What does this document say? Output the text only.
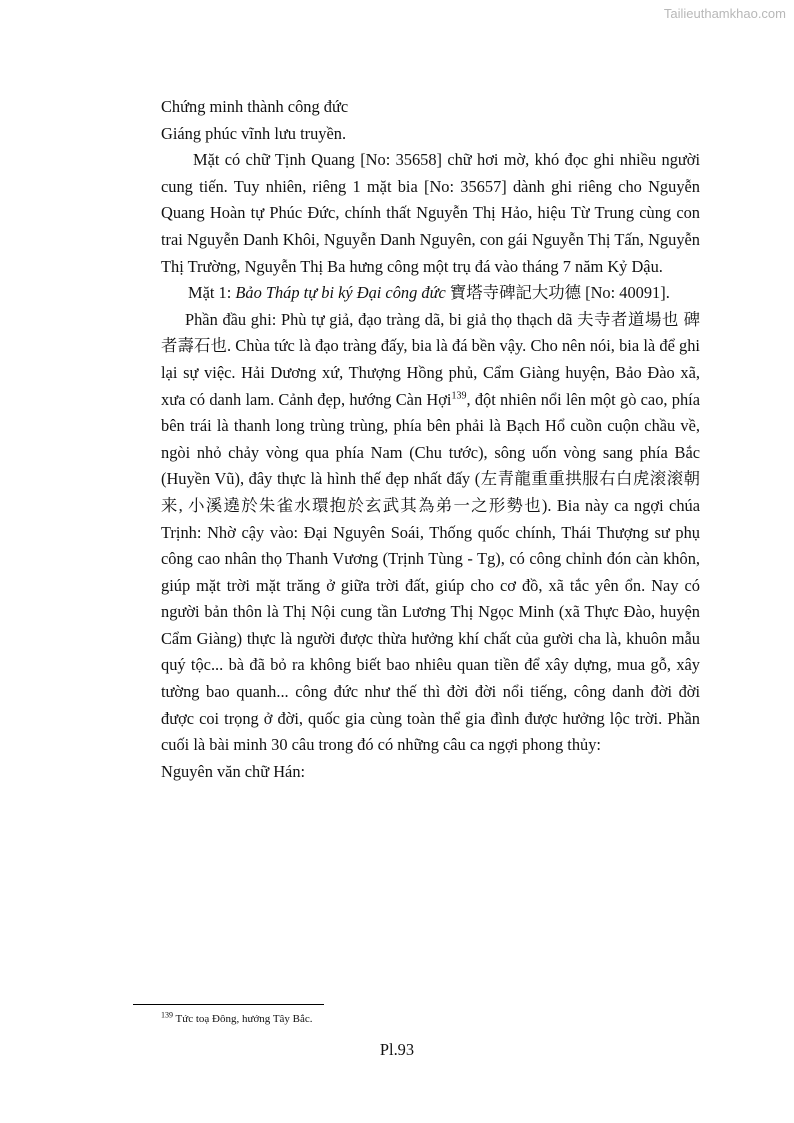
Tailieuthamkhao.com

Chứng minh thành công đức

Giáng phúc vĩnh lưu truyền.

Mặt có chữ Tịnh Quang [No: 35658] chữ hơi mờ, khó đọc ghi nhiều người cung tiến. Tuy nhiên, riêng 1 mặt bia [No: 35657] dành ghi riêng cho Nguyễn Quang Hoàn tự Phúc Đức, chính thất Nguyễn Thị Hảo, hiệu Từ Trung cùng con trai Nguyễn Danh Khôi, Nguyễn Danh Nguyên, con gái Nguyễn Thị Tấn, Nguyễn Thị Trường, Nguyễn Thị Ba hưng công một trụ đá vào tháng 7 năm Kỷ Dậu.

Mặt 1: Bảo Tháp tự bi ký Đại công đức 寶塔寺碑記大功德 [No: 40091].

Phần đầu ghi: Phù tự giả, đạo tràng dã, bi giả thọ thạch dã 夫寺者道場也 碑者壽石也. Chùa tức là đạo tràng đấy, bia là đá bền vậy. Cho nên nói, bia là để ghi lại sự việc. Hải Dương xứ, Thượng Hồng phủ, Cẩm Giàng huyện, Bảo Đào xã, xưa có danh lam. Cảnh đẹp, hướng Càn Hợi$^{139}$, đột nhiên nổi lên một gò cao, phía bên trái là thanh long trùng trùng, phía bên phải là Bạch Hổ cuồn cuộn chầu về, ngòi nhỏ chảy vòng qua phía Nam (Chu tước), sông uốn vòng sang phía Bắc (Huyền Vũ), đây thực là hình thế đẹp nhất đấy (左青龍重重拱服右白虎滚滚朝来, 小溪遶於朱雀水環抱於玄武其為弟一之形勢也). Bia này ca ngợi chúa Trịnh: Nhờ cậy vào: Đại Nguyên Soái, Thống quốc chính, Thái Thượng sư phụ công cao nhân thọ Thanh Vương (Trịnh Tùng - Tg), có công chỉnh đón càn khôn, giúp mặt trời mặt trăng ở giữa trời đất, giúp cho cơ đồ, xã tắc yên ổn. Nay có người bản thôn là Thị Nội cung tần Lương Thị Ngọc Minh (xã Thực Đào, huyện Cẩm Giàng) thực là người được thừa hưởng khí chất của gười cha là, khuôn mẫu quý tộc... bà đã bỏ ra không biết bao nhiêu quan tiền để xây dựng, mua gỗ, xây tường bao quanh... công đức như thế thì đời đời nổi tiếng, công danh đời đời được coi trọng ở đời, quốc gia cùng toàn thể gia đình được hưởng lộc trời. Phần cuối là bài minh 30 câu trong đó có những câu ca ngợi phong thủy:

Nguyên văn chữ Hán:

$^{139}$ Tức toạ Đông, hướng Tây Bắc.
Pl.93
